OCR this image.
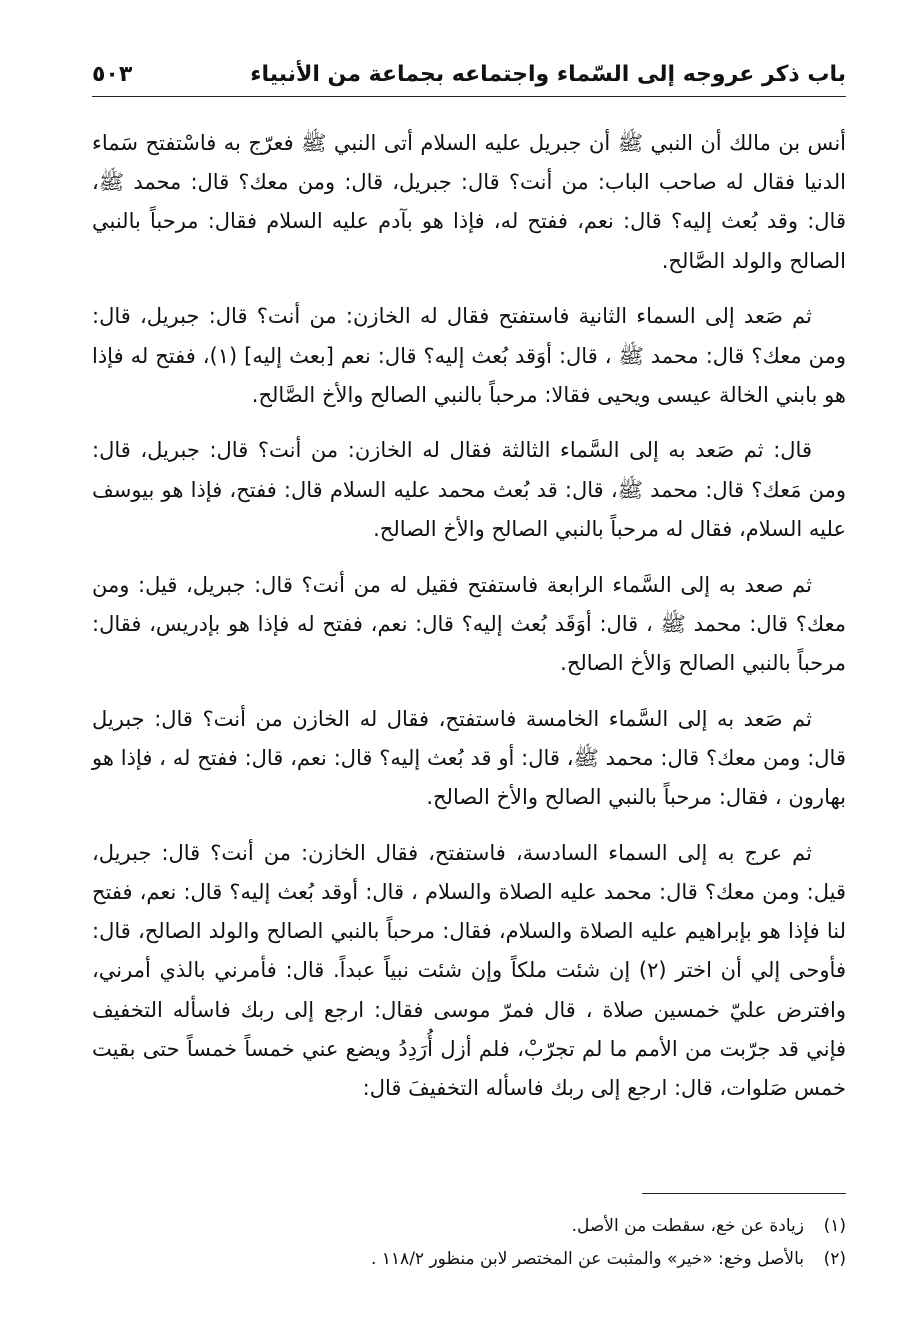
باب ذكر عروجه إلى السّماء واجتماعه بجماعة من الأنبياء
٥٠٣

أنس بن مالك أن النبي ﷺ أن جبريل عليه السلام أتى النبي ﷺ فعرّج به فاسْتفتح سَماء الدنيا فقال له صاحب الباب: من أنت؟ قال: جبريل، قال: ومن معك؟ قال: محمد ﷺ، قال: وقد بُعث إليه؟ قال: نعم، ففتح له، فإذا هو بآدم عليه السلام فقال: مرحباً بالنبي الصالح والولد الصَّالح.

ثم صَعد إلى السماء الثانية فاستفتح فقال له الخازن: من أنت؟ قال: جبريل، قال: ومن معك؟ قال: محمد ﷺ ، قال: أوَقد بُعث إليه؟ قال: نعم [بعث إليه] (١)، ففتح له فإذا هو بابني الخالة عيسى ويحيى فقالا: مرحباً بالنبي الصالح والأخ الصَّالح.

قال: ثم صَعد به إلى السَّماء الثالثة فقال له الخازن: من أنت؟ قال: جبريل، قال: ومن مَعك؟ قال: محمد ﷺ، قال: قد بُعث محمد عليه السلام قال: ففتح، فإذا هو بيوسف عليه السلام، فقال له مرحباً بالنبي الصالح والأخ الصالح.

ثم صعد به إلى السَّماء الرابعة فاستفتح فقيل له من أنت؟ قال: جبريل، قيل: ومن معك؟ قال: محمد ﷺ ، قال: أوَقَد بُعث إليه؟ قال: نعم، ففتح له فإذا هو بإدريس، فقال: مرحباً بالنبي الصالح وَالأخ الصالح.

ثم صَعد به إلى السَّماء الخامسة فاستفتح، فقال له الخازن من أنت؟ قال: جبريل قال: ومن معك؟ قال: محمد ﷺ، قال: أو قد بُعث إليه؟ قال: نعم، قال: ففتح له ، فإذا هو بهارون ، فقال: مرحباً بالنبي الصالح والأخ الصالح.

ثم عرج به إلى السماء السادسة، فاستفتح، فقال الخازن: من أنت؟ قال: جبريل، قيل: ومن معك؟ قال: محمد عليه الصلاة والسلام ، قال: أوقد بُعث إليه؟ قال: نعم، ففتح لنا فإذا هو بإبراهيم عليه الصلاة والسلام، فقال: مرحباً بالنبي الصالح والولد الصالح، قال: فأوحى إلي أن اختر (٢) إن شئت ملكاً وإن شئت نبياً عبداً. قال: فأمرني بالذي أمرني، وافترض عليّ خمسين صلاة ، قال فمرّ موسى فقال: ارجع إلى ربك فاسأله التخفيف فإني قد جرّبت من الأمم ما لم تجرّبْ، فلم أزل أُرَدِدُ ويضع عني خمساً خمساً حتى بقيت خمس صَلوات، قال: ارجع إلى ربك فاسأله التخفيفَ قال:

(١)زيادة عن خع، سقطت من الأصل.

(٢)بالأصل وخع: «خير» والمثبت عن المختصر لابن منظور ١١٨/٢ .
